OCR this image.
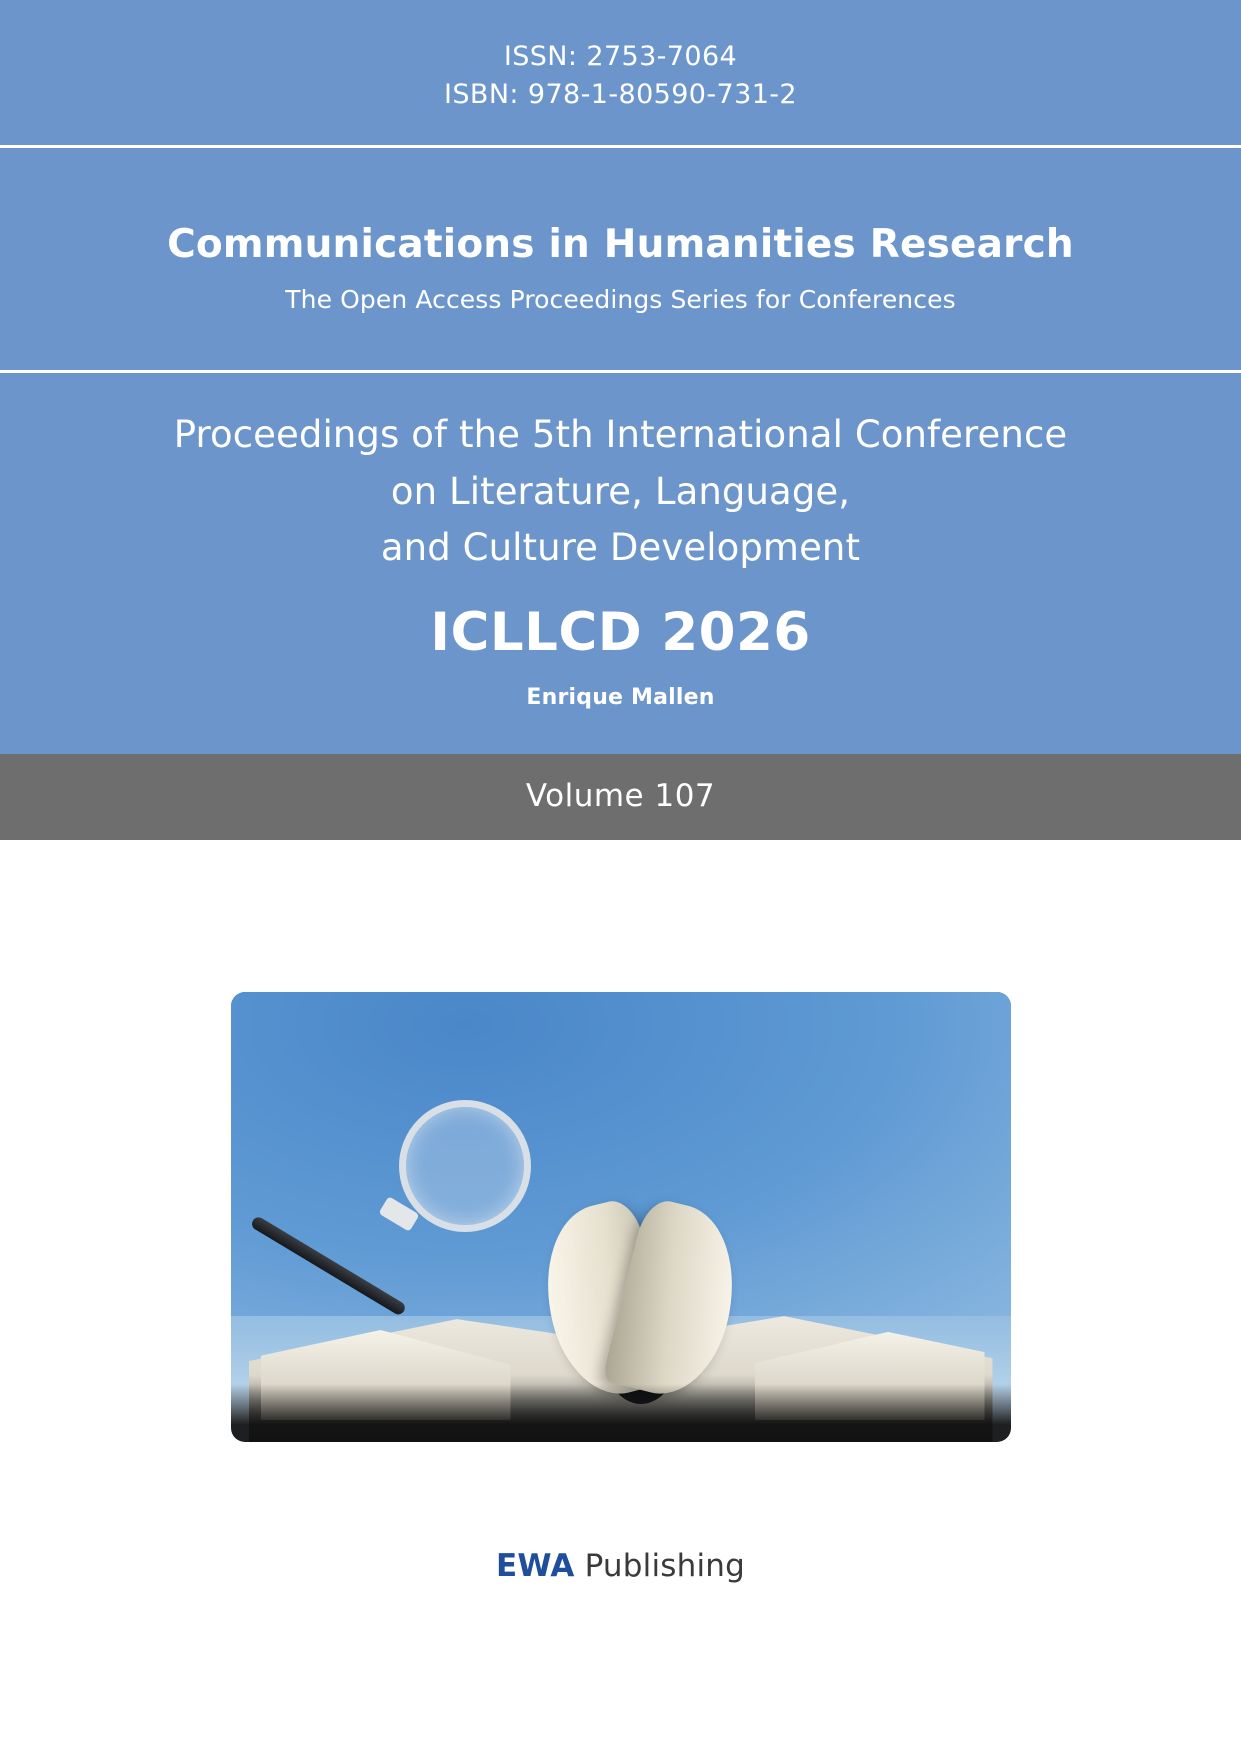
ISSN: 2753-7064
ISBN: 978-1-80590-731-2
Communications in Humanities Research
The Open Access Proceedings Series for Conferences
Proceedings of the 5th International Conference
on Literature, Language,
and Culture Development
ICLLCD 2026
Enrique Mallen
Volume 107
EWA Publishing
